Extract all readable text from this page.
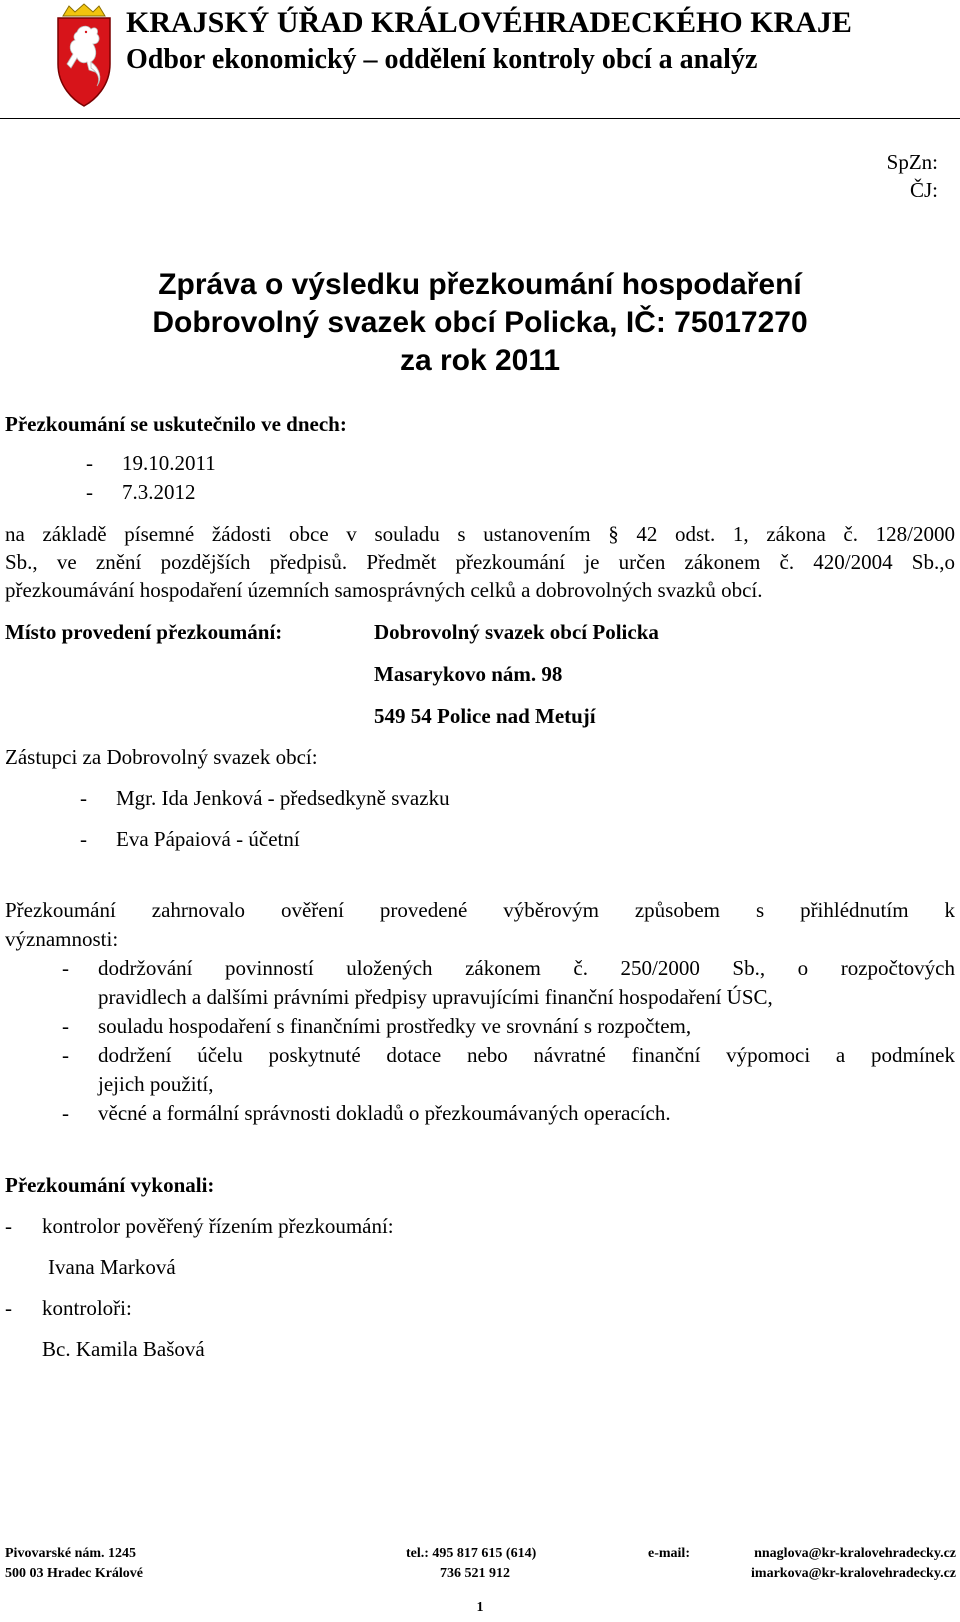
KRAJSKÝ ÚŘAD KRÁLOVÉHRADECKÉHO KRAJE
Odbor ekonomický – oddělení kontroly obcí a analýz
SpZn:
ČJ:
Zpráva o výsledku přezkoumání hospodaření
Dobrovolný svazek obcí Policka, IČ: 75017270
za rok 2011
Přezkoumání se uskutečnilo ve dnech:
- 19.10.2011
- 7.3.2012
na základě písemné žádosti obce v souladu s ustanovením § 42 odst. 1, zákona č. 128/2000
Sb., ve znění pozdějších předpisů. Předmět přezkoumání je určen zákonem č. 420/2004 Sb.,o
přezkoumávání hospodaření územních samosprávných celků a dobrovolných svazků obcí.
Místo provedení přezkoumání:	Dobrovolný svazek obcí Policka
Masarykovo nám. 98
549 54 Police nad Metují
Zástupci za Dobrovolný svazek obcí:
- Mgr. Ida Jenková - předsedkyně svazku
- Eva Pápaiová - účetní
Přezkoumání zahrnovalo ověření provedené výběrovým způsobem s přihlédnutím k
významnosti:
- dodržování povinností uložených zákonem č. 250/2000 Sb., o rozpočtových
pravidlech a dalšími právními předpisy upravujícími finanční hospodaření ÚSC,
- souladu hospodaření s finančními prostředky ve srovnání s rozpočtem,
- dodržení účelu poskytnuté dotace nebo návratné finanční výpomoci a podmínek
jejich použití,
- věcné a formální správnosti dokladů o přezkoumávaných operacích.
Přezkoumání vykonali:
- kontrolor pověřený řízením přezkoumání:
Ivana Marková
- kontroloři:
Bc. Kamila Bašová
Pivovarské nám. 1245
500 03 Hradec Králové
tel.: 495 817 615 (614)
736 521 912
e-mail:	nnaglova@kr-kralovehradecky.cz
imarkova@kr-kralovehradecky.cz
1
